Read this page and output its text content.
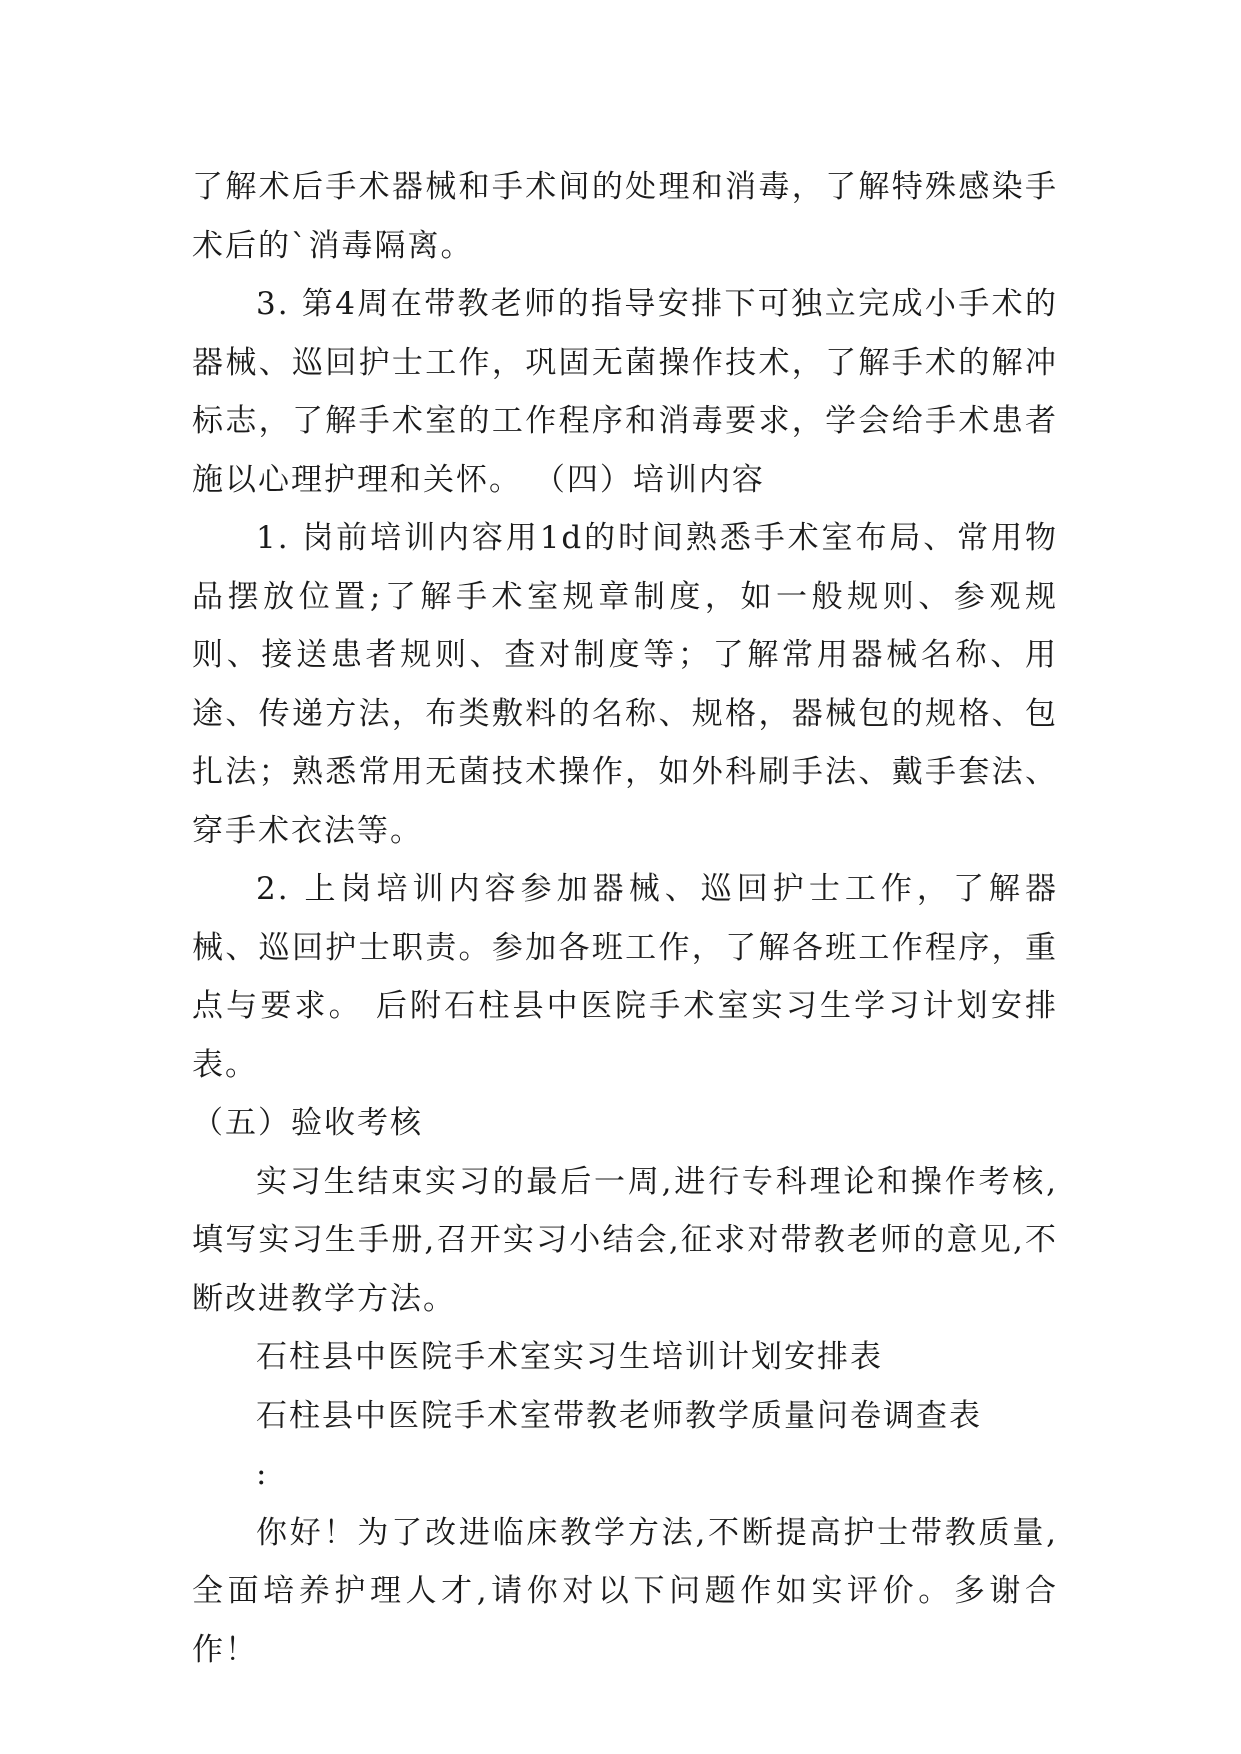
了解术后手术器械和手术间的处理和消毒，了解特殊感染手术后的`消毒隔离。

3. 第4周在带教老师的指导安排下可独立完成小手术的器械、巡回护士工作，巩固无菌操作技术，了解手术的解冲标志，了解手术室的工作程序和消毒要求，学会给手术患者施以心理护理和关怀。 （四）培训内容

1. 岗前培训内容用1d的时间熟悉手术室布局、常用物品摆放位置;了解手术室规章制度，如一般规则、参观规则、接送患者规则、查对制度等；了解常用器械名称、用途、传递方法，布类敷料的名称、规格，器械包的规格、包扎法；熟悉常用无菌技术操作，如外科刷手法、戴手套法、穿手术衣法等。

2. 上岗培训内容参加器械、巡回护士工作，了解器械、巡回护士职责。参加各班工作，了解各班工作程序，重点与要求。 后附石柱县中医院手术室实习生学习计划安排表。

（五）验收考核

实习生结束实习的最后一周,进行专科理论和操作考核,填写实习生手册,召开实习小结会,征求对带教老师的意见,不断改进教学方法。

石柱县中医院手术室实习生培训计划安排表

石柱县中医院手术室带教老师教学质量问卷调查表

:

你好！为了改进临床教学方法,不断提高护士带教质量,全面培养护理人才,请你对以下问题作如实评价。多谢合作！
